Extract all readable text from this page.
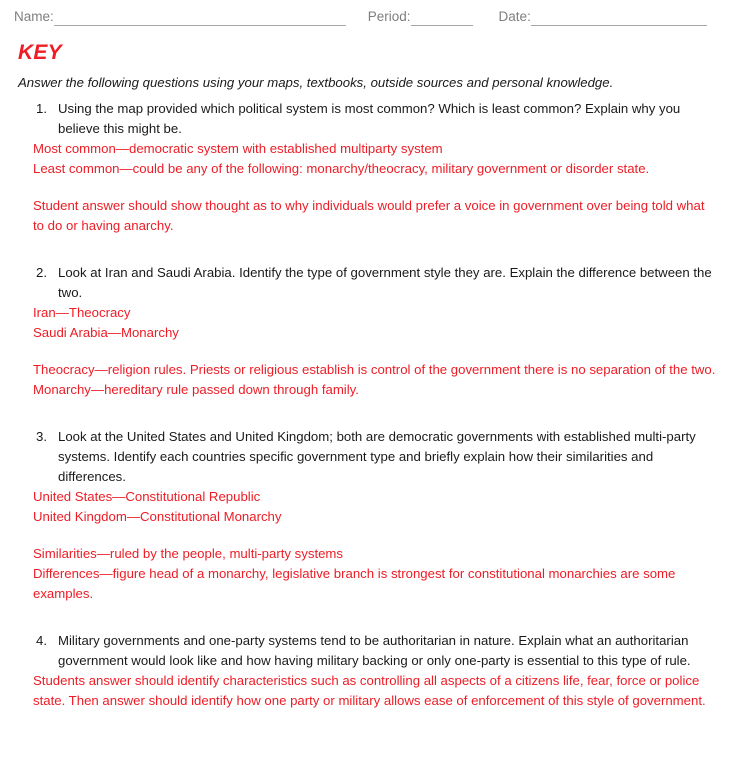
Name:	Period:	Date:
KEY
Answer the following questions using your maps, textbooks, outside sources and personal knowledge.
1. Using the map provided which political system is most common? Which is least common? Explain why you believe this might be.
Most common—democratic system with established multiparty system
Least common—could be any of the following: monarchy/theocracy, military government or disorder state.
Student answer should show thought as to why individuals would prefer a voice in government over being told what to do or having anarchy.
2. Look at Iran and Saudi Arabia. Identify the type of government style they are. Explain the difference between the two.
Iran—Theocracy
Saudi Arabia—Monarchy
Theocracy—religion rules. Priests or religious establish is control of the government there is no separation of the two.
Monarchy—hereditary rule passed down through family.
3. Look at the United States and United Kingdom; both are democratic governments with established multi-party systems. Identify each countries specific government type and briefly explain how their similarities and differences.
United States—Constitutional Republic
United Kingdom—Constitutional Monarchy
Similarities—ruled by the people, multi-party systems
Differences—figure head of a monarchy, legislative branch is strongest for constitutional monarchies are some examples.
4. Military governments and one-party systems tend to be authoritarian in nature. Explain what an authoritarian government would look like and how having military backing or only one-party is essential to this type of rule.
Students answer should identify characteristics such as controlling all aspects of a citizens life, fear, force or police state. Then answer should identify how one party or military allows ease of enforcement of this style of government.
